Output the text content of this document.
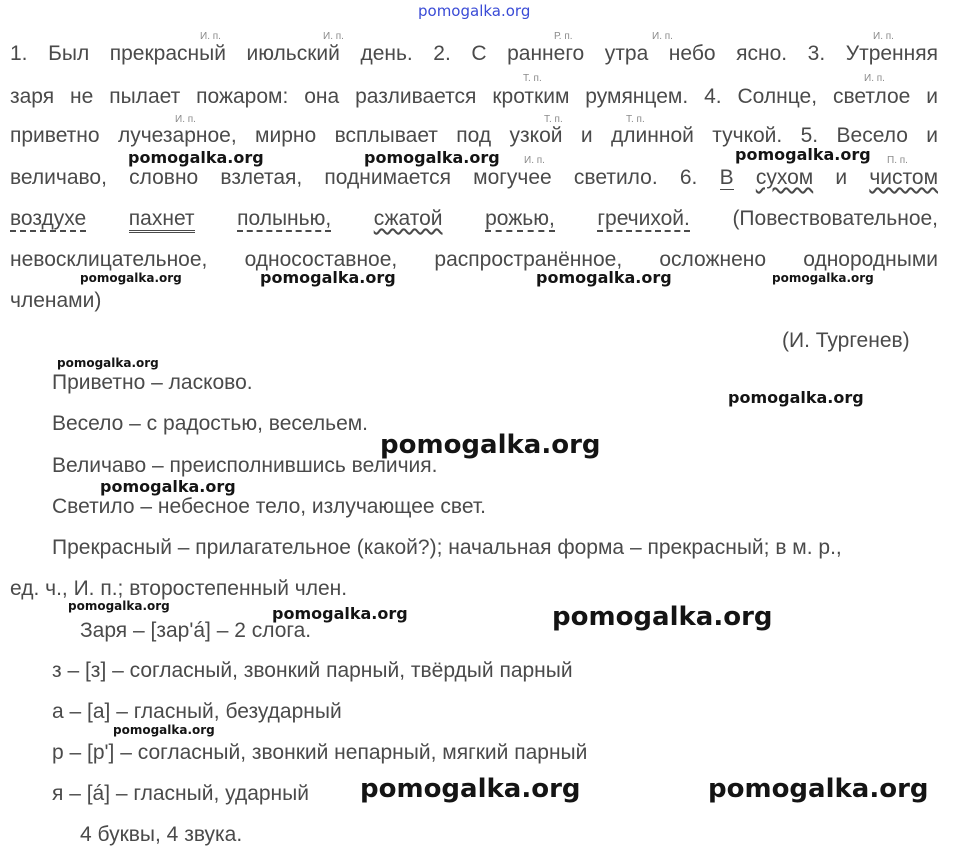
pomogalka.org
И. п.	И. п.	Р. п.	И. п.	И. п.
Т. п.	И. п.
И. п.	Т. п.	Т. п.
И. п.	П. п.
1. Был прекрасный июльский день. 2. С раннего утра небо ясно. 3. Утренняя
заря не пылает пожаром: она разливается кротким румянцем. 4. Солнце, светлое и
приветно лучезарное, мирно всплывает под узкой и длинной тучкой. 5. Весело и
величаво, словно взлетая, поднимается могучее светило. 6. В сухом и чистом
воздухе пахнет полынью, сжатой рожью, гречихой. (Повествовательное,
невосклицательное, односоставное, распространённое, осложнено однородными
членами)
(И. Тургенев)
Приветно – ласково.
Весело – с радостью, весельем.
Величаво – преисполнившись величия.
Светило – небесное тело, излучающее свет.
Прекрасный – прилагательное (какой?); начальная форма – прекрасный; в м. р.,
ед. ч., И. п.; второстепенный член.
Заря – [зар'á] – 2 слога.
з – [з] – согласный, звонкий парный, твёрдый парный
а – [а] – гласный, безударный
р – [р'] – согласный, звонкий непарный, мягкий парный
я – [á] – гласный, ударный
4 буквы, 4 звука.
pomogalka.org	pomogalka.org	pomogalka.org
pomogalka.org	pomogalka.org	pomogalka.org	pomogalka.org
pomogalka.org
pomogalka.org
pomogalka.org
pomogalka.org
pomogalka.org	pomogalka.org	pomogalka.org
pomogalka.org
pomogalka.org	pomogalka.org
